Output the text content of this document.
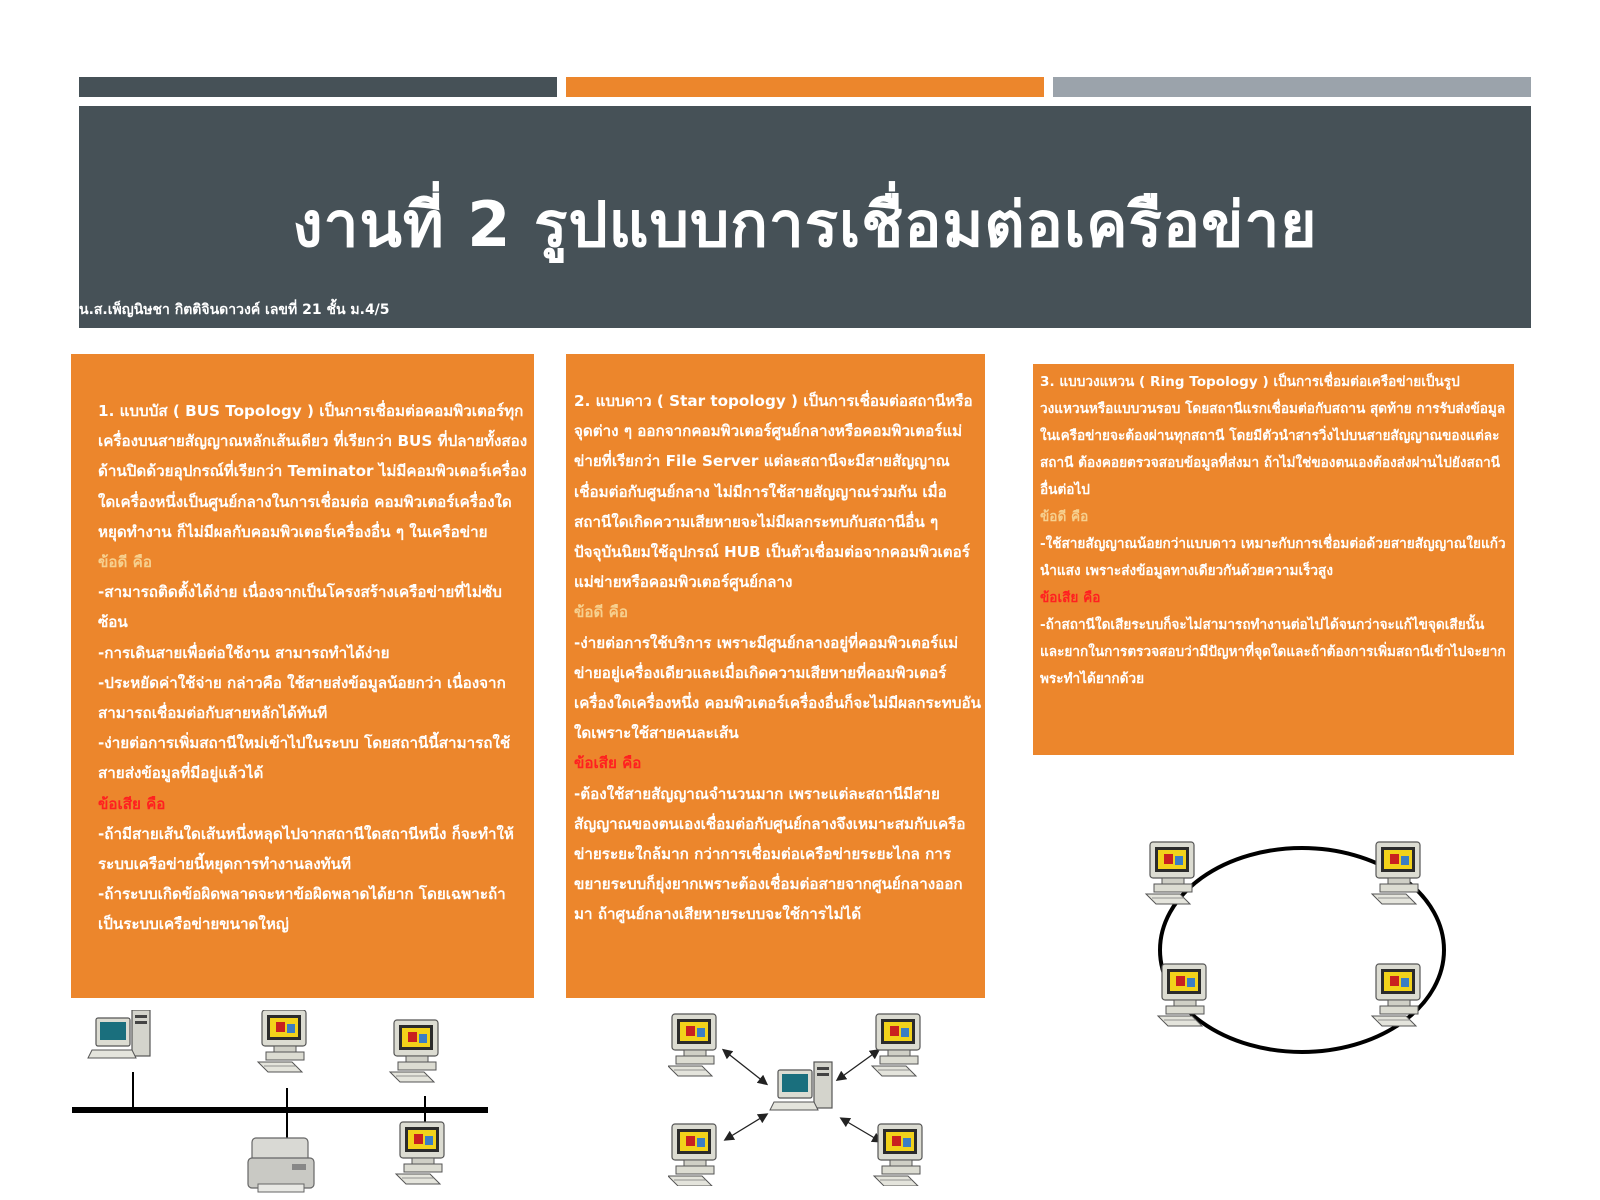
งานที่ 2 รูปแบบการเชื่อมต่อเครือข่าย
น.ส.เพ็ญนิษชา กิตติจินดาวงค์ เลขที่ 21 ชั้น ม.4/5

1. แบบบัส ( BUS Topology ) เป็นการเชื่อมต่อคอมพิวเตอร์ทุกเครื่องบนสายสัญญาณหลักเส้นเดียว ที่เรียกว่า BUS ที่ปลายทั้งสองด้านปิดด้วยอุปกรณ์ที่เรียกว่า Teminator ไม่มีคอมพิวเตอร์เครื่องใดเครื่องหนึ่งเป็นศูนย์กลางในการเชื่อมต่อ คอมพิวเตอร์เครื่องใดหยุดทำงาน ก็ไม่มีผลกับคอมพิวเตอร์เครื่องอื่น ๆ ในเครือข่าย

ข้อดี คือ

-สามารถติดตั้งได้ง่าย เนื่องจากเป็นโครงสร้างเครือข่ายที่ไม่ซับซ้อน

-การเดินสายเพื่อต่อใช้งาน สามารถทำได้ง่าย

-ประหยัดค่าใช้จ่าย กล่าวคือ ใช้สายส่งข้อมูลน้อยกว่า เนื่องจากสามารถเชื่อมต่อกับสายหลักได้ทันที

-ง่ายต่อการเพิ่มสถานีใหม่เข้าไปในระบบ โดยสถานีนี้สามารถใช้สายส่งข้อมูลที่มีอยู่แล้วได้

ข้อเสีย คือ

-ถ้ามีสายเส้นใดเส้นหนึ่งหลุดไปจากสถานีใดสถานีหนึ่ง ก็จะทำให้ระบบเครือข่ายนี้หยุดการทำงานลงทันที

-ถ้าระบบเกิดข้อผิดพลาดจะหาข้อผิดพลาดได้ยาก โดยเฉพาะถ้าเป็นระบบเครือข่ายขนาดใหญ่

2. แบบดาว ( Star topology ) เป็นการเชื่อมต่อสถานีหรือจุดต่าง ๆ ออกจากคอมพิวเตอร์ศูนย์กลางหรือคอมพิวเตอร์แม่ข่ายที่เรียกว่า File Server แต่ละสถานีจะมีสายสัญญาณเชื่อมต่อกับศูนย์กลาง ไม่มีการใช้สายสัญญาณร่วมกัน เมื่อสถานีใดเกิดความเสียหายจะไม่มีผลกระทบกับสถานีอื่น ๆ ปัจจุบันนิยมใช้อุปกรณ์ HUB เป็นตัวเชื่อมต่อจากคอมพิวเตอร์แม่ข่ายหรือคอมพิวเตอร์ศูนย์กลาง

ข้อดี คือ

-ง่ายต่อการใช้บริการ เพราะมีศูนย์กลางอยู่ที่คอมพิวเตอร์แม่ข่ายอยู่เครื่องเดียวและเมื่อเกิดความเสียหายที่คอมพิวเตอร์เครื่องใดเครื่องหนึ่ง คอมพิวเตอร์เครื่องอื่นก็จะไม่มีผลกระทบอันใดเพราะใช้สายคนละเส้น

ข้อเสีย คือ

-ต้องใช้สายสัญญาณจำนวนมาก เพราะแต่ละสถานีมีสายสัญญาณของตนเองเชื่อมต่อกับศูนย์กลางจึงเหมาะสมกับเครือข่ายระยะใกล้มาก กว่าการเชื่อมต่อเครือข่ายระยะไกล การขยายระบบก็ยุ่งยากเพราะต้องเชื่อมต่อสายจากศูนย์กลางออกมา ถ้าศูนย์กลางเสียหายระบบจะใช้การไม่ได้

3. แบบวงแหวน ( Ring Topology ) เป็นการเชื่อมต่อเครือข่ายเป็นรูปวงแหวนหรือแบบวนรอบ โดยสถานีแรกเชื่อมต่อกับสถาน สุดท้าย การรับส่งข้อมูลในเครือข่ายจะต้องผ่านทุกสถานี โดยมีตัวนำสารวิ่งไปบนสายสัญญาณของแต่ละสถานี ต้องคอยตรวจสอบข้อมูลที่ส่งมา ถ้าไม่ใช่ของตนเองต้องส่งผ่านไปยังสถานีอื่นต่อไป

ข้อดี คือ

-ใช้สายสัญญาณน้อยกว่าแบบดาว เหมาะกับการเชื่อมต่อด้วยสายสัญญาณใยแก้วนำแสง เพราะส่งข้อมูลทางเดียวกันด้วยความเร็วสูง

ข้อเสีย คือ

-ถ้าสถานีใดเสียระบบก็จะไม่สามารถทำงานต่อไปได้จนกว่าจะแก้ไขจุดเสียนั้น และยากในการตรวจสอบว่ามีปัญหาที่จุดใดและถ้าต้องการเพิ่มสถานีเข้าไปจะยากพระทำได้ยากด้วย
